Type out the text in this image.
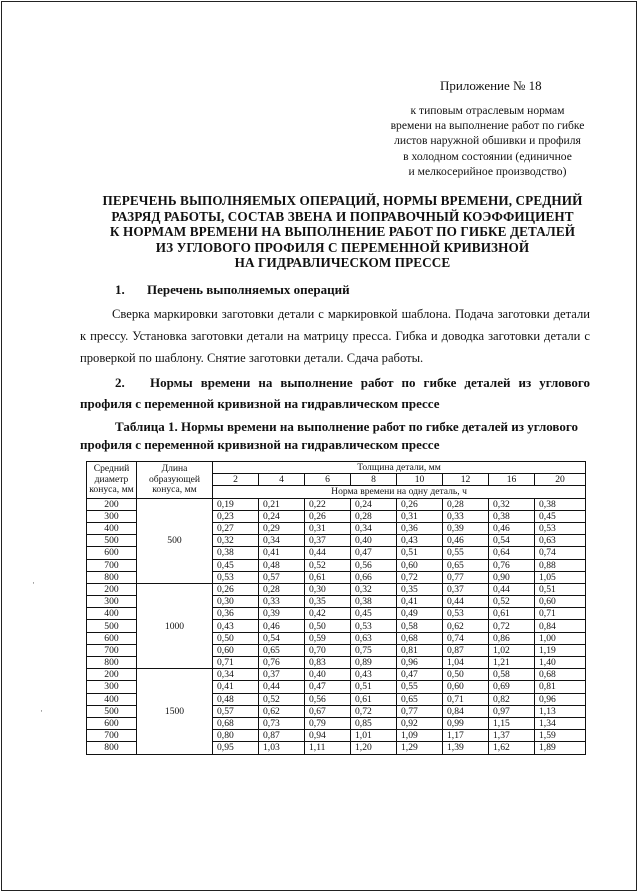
Приложение № 18
к типовым отраслевым нормам
времени на выполнение работ по гибке
листов наружной обшивки и профиля
в холодном состоянии (единичное
и мелкосерийное производство)
ПЕРЕЧЕНЬ ВЫПОЛНЯЕМЫХ ОПЕРАЦИЙ, НОРМЫ ВРЕМЕНИ, СРЕДНИЙ
РАЗРЯД РАБОТЫ, СОСТАВ ЗВЕНА И ПОПРАВОЧНЫЙ КОЭФФИЦИЕНТ
К НОРМАМ ВРЕМЕНИ НА ВЫПОЛНЕНИЕ РАБОТ ПО ГИБКЕ ДЕТАЛЕЙ
ИЗ УГЛОВОГО ПРОФИЛЯ С ПЕРЕМЕННОЙ КРИВИЗНОЙ
НА ГИДРАВЛИЧЕСКОМ ПРЕССЕ
1. Перечень выполняемых операций
Сверка маркировки заготовки детали с маркировкой шаблона. Подача заготовки детали к прессу. Установка заготовки детали на матрицу пресса. Гибка и доводка заготовки детали с проверкой по шаблону. Снятие заготовки детали. Сдача работы.
2. Нормы времени на выполнение работ по гибке деталей из углового профиля с переменной кривизной на гидравлическом прессе
Таблица 1. Нормы времени на выполнение работ по гибке деталей из углового профиля с переменной кривизной на гидравлическом прессе
Средний диаметр конуса, мм	Длина образующей конуса, мм	Толщина детали, мм							
		2	4	6	8	10	12	16	20
		Норма времени на одну деталь, ч							
200	500	0,19	0,21	0,22	0,24	0,26	0,28	0,32	0,38
300		0,23	0,24	0,26	0,28	0,31	0,33	0,38	0,45
400		0,27	0,29	0,31	0,34	0,36	0,39	0,46	0,53
500		0,32	0,34	0,37	0,40	0,43	0,46	0,54	0,63
600		0,38	0,41	0,44	0,47	0,51	0,55	0,64	0,74
700		0,45	0,48	0,52	0,56	0,60	0,65	0,76	0,88
800		0,53	0,57	0,61	0,66	0,72	0,77	0,90	1,05
200	1000	0,26	0,28	0,30	0,32	0,35	0,37	0,44	0,51
300		0,30	0,33	0,35	0,38	0,41	0,44	0,52	0,60
400		0,36	0,39	0,42	0,45	0,49	0,53	0,61	0,71
500		0,43	0,46	0,50	0,53	0,58	0,62	0,72	0,84
600		0,50	0,54	0,59	0,63	0,68	0,74	0,86	1,00
700		0,60	0,65	0,70	0,75	0,81	0,87	1,02	1,19
800		0,71	0,76	0,83	0,89	0,96	1,04	1,21	1,40
200	1500	0,34	0,37	0,40	0,43	0,47	0,50	0,58	0,68
300		0,41	0,44	0,47	0,51	0,55	0,60	0,69	0,81
400		0,48	0,52	0,56	0,61	0,65	0,71	0,82	0,96
500		0,57	0,62	0,67	0,72	0,77	0,84	0,97	1,13
600		0,68	0,73	0,79	0,85	0,92	0,99	1,15	1,34
700		0,80	0,87	0,94	1,01	1,09	1,17	1,37	1,59
800		0,95	1,03	1,11	1,20	1,29	1,39	1,62	1,89
·
·
